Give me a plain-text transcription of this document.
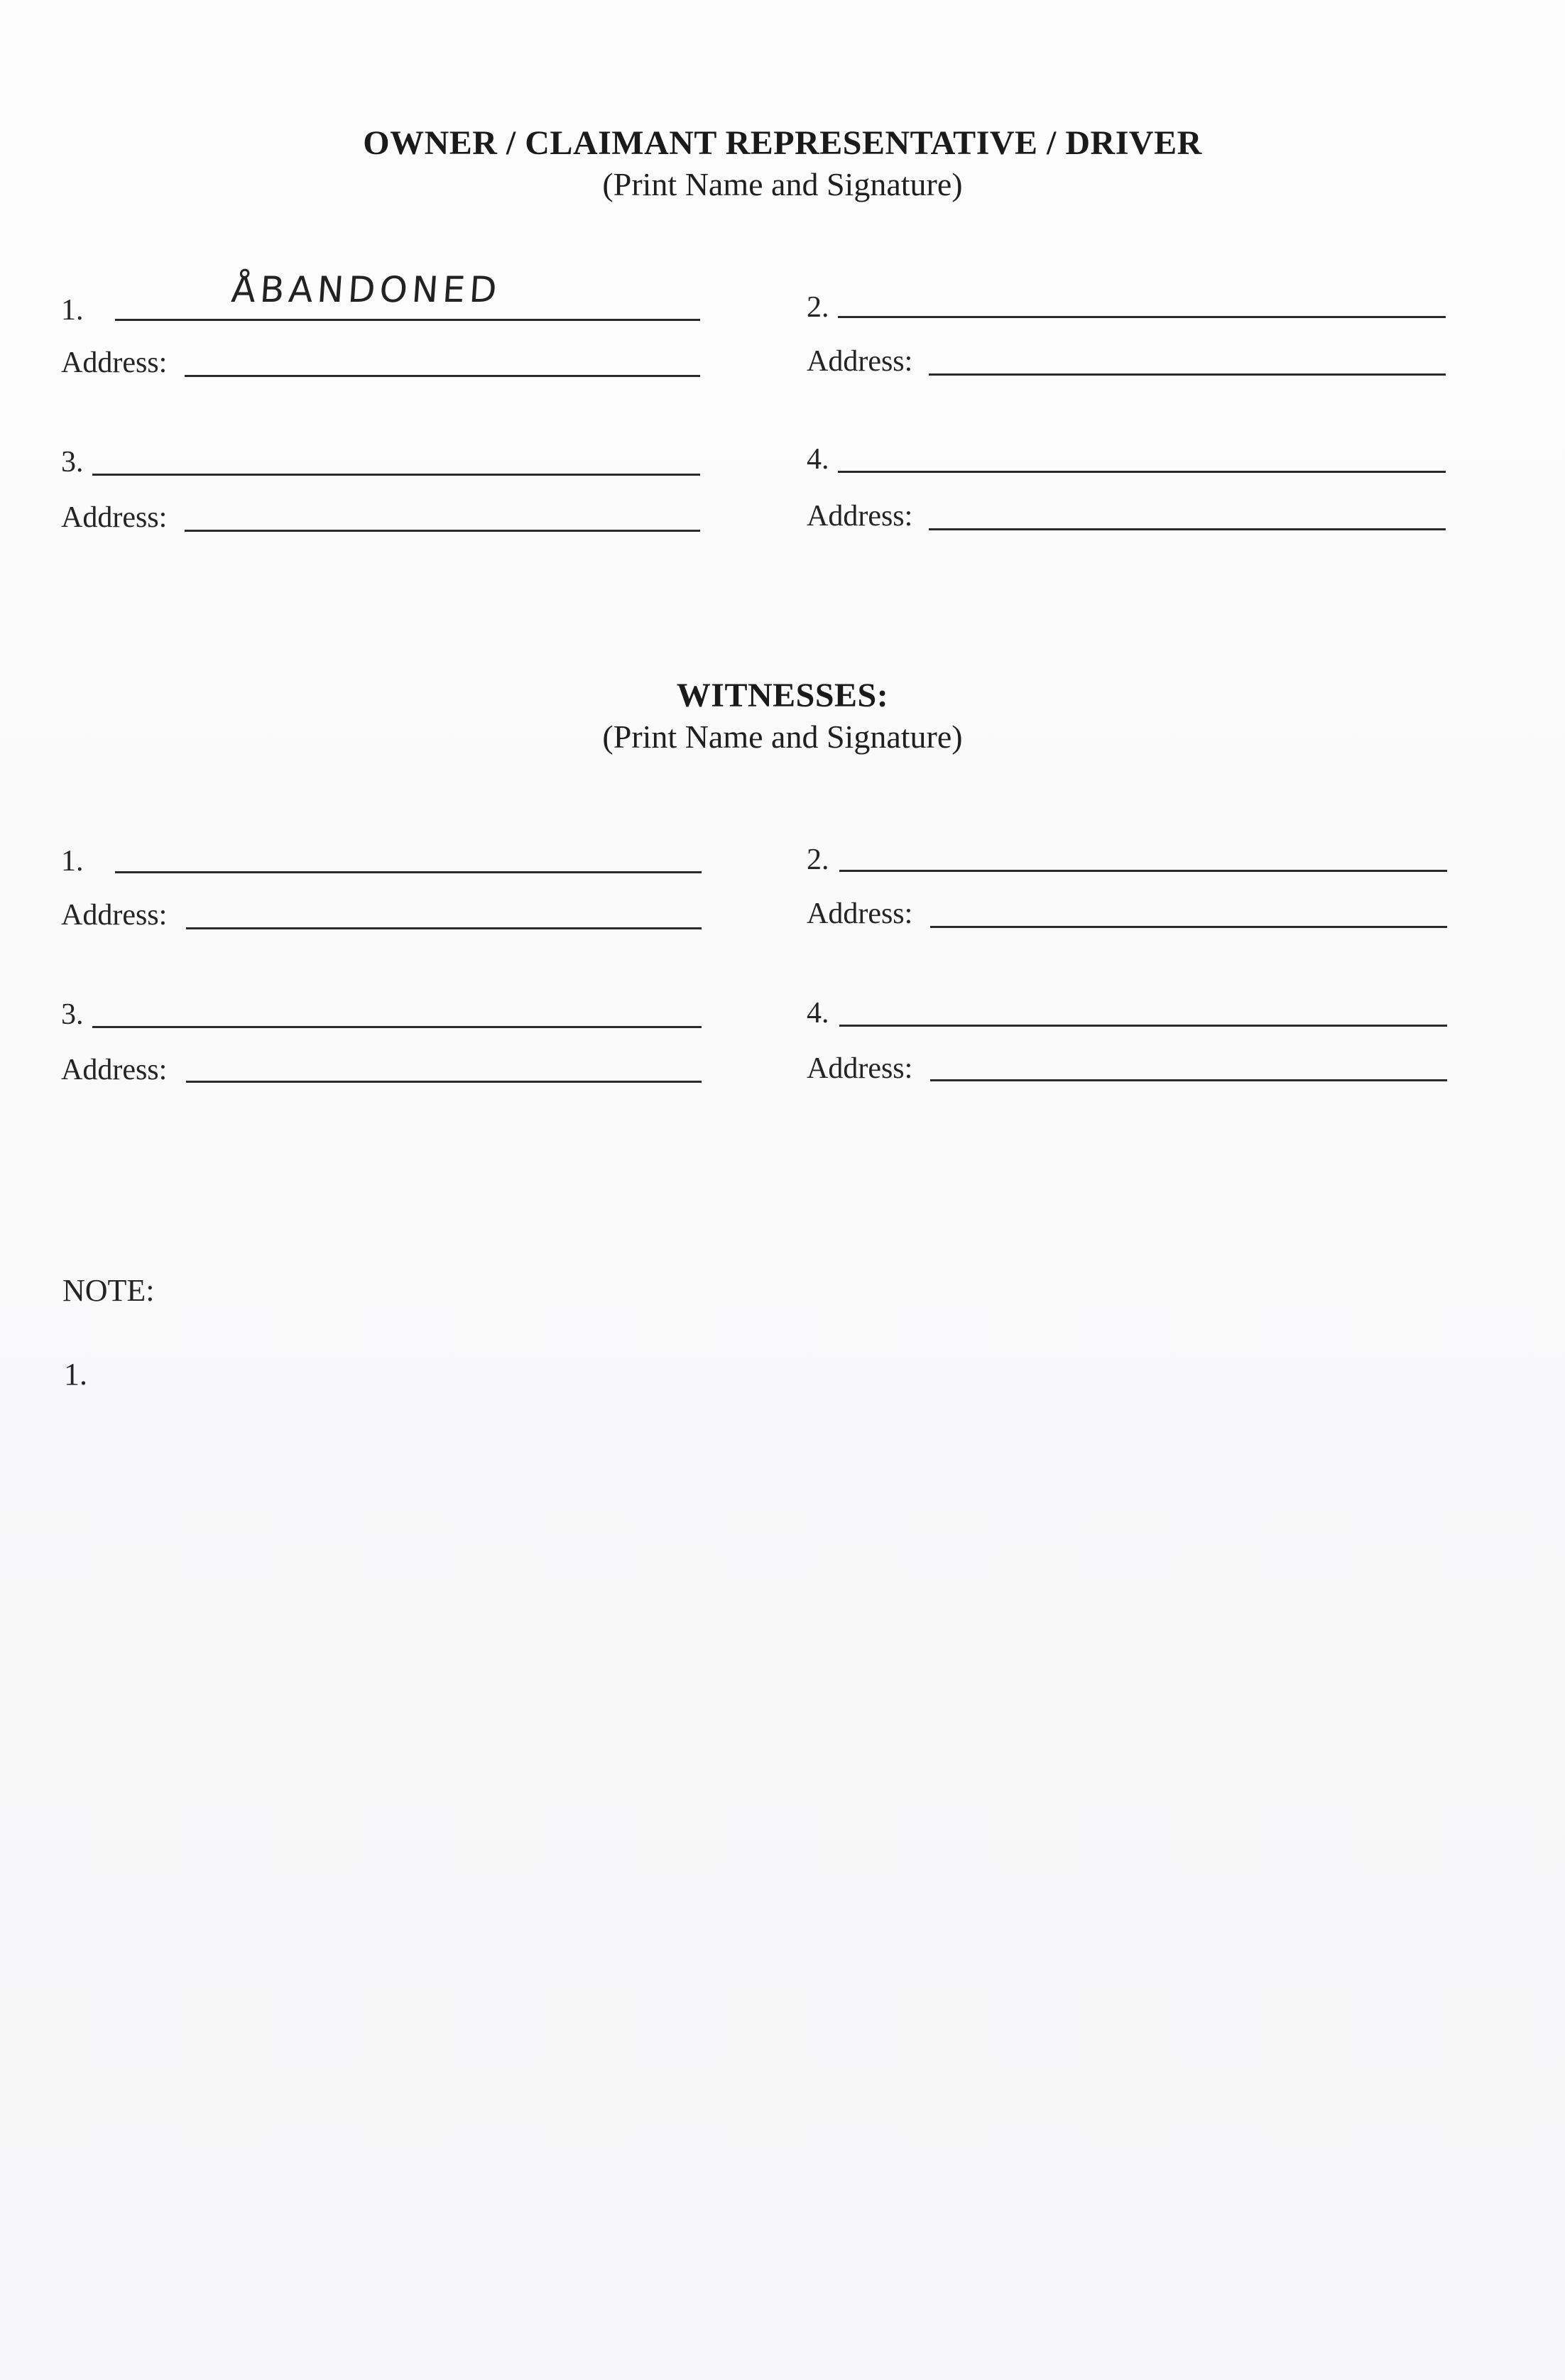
OWNER / CLAIMANT REPRESENTATIVE / DRIVER
(Print Name and Signature)
1.	ÅBANDONED
Address:
2.
Address:
3.
Address:
4.
Address:
WITNESSES:
(Print Name and Signature)
1.
Address:
2.
Address:
3.
Address:
4.
Address:
NOTE:
1.
